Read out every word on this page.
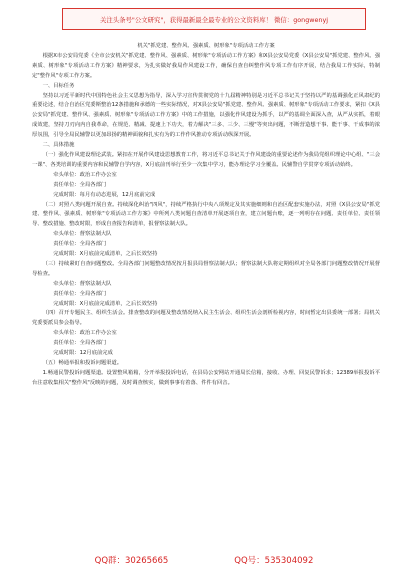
关注头条号"公文研究"，获得最新最全最专业的公文资料库！ 微信：gongwenyj

机关"抓党建、整作风、强素质、树形象"专项活动工作方案

根据X市公安局党委《全市公安机关"抓党建、整作风、强素质、树形象"专项活动工作方案》和X县公安局党委《X县公安局"抓党建、整作风、强素质、树形象"专项活动工作方案》精神要求，为扎实做好我局作风建设工作，确保自查自纠整作风专项工作有序开展，结合我局工作实际，特制定"整作风"专项工作方案。

一、目标任务

坚持以习近平新时代中国特色社会主义思想为指导，深入学习宣传贯彻党的十九届精神特别是习近平总书记关于坚持以严的基调强化正风肃纪的重要论述，结合自治区党委斯整治12条措施和承德的一些实际情况，对X县公安局"抓党建、整作风、强素质、树形象"专项活动工作要求，紧扣《X县公安局"抓党建、整作风、强素质、树形象"专项活动工作方案》中的工作措施，以强化作风建设为抓手，以严的基调全面深入查，从严从实抓，着眼成效建，坚持刀刃向内自我革命，在规范、精减、提速上下功夫，着力解决"三多、三少、三慢"等突出问题，不断营造想干事、能干事、干成事的浓厚氛围，引导全局民辅警以更加昂扬的精神面貌和扎实有为的工作作风推动专项活动纵深开展。

二、具体措施

（一）强化作风建设理论武装。紧扣在开展作风建设思想教育工作，将习近平总书记关于作风建设的重要论述作为我局党组织理论中心组、"三会一课"、各类培训的重要内容和民辅警自学内容，X月底前刊举行至少一次集中学习，能办理论学习全覆盖。民辅警自学贯穿专项活动始终。

牵头单位：政治工作办公室

责任单位：全局各部门

完成时限：每月有动态进展，12月底前完成

（二）对照八类问题开展自查。持续深化纠治"四风"，持续严格执行中央八项规定及其实施细则和自治区配套实施办法，对照《X县公安局"抓党建、整作风、强素质、树形象"专项活动工作方案》中所列八类问题自查清单开展逐项自查，建立问题台账，逐一列明存在问题、责任单位、责任领导、整改措施、整改时限，形成自查报告和清单，报督察法制大队。

牵头单位：督察法制大队

责任单位：全局各部门

完成时限：X月底前完成清单，之后长效坚持

（三）持续紧盯自查问题整改。全局各部门问题整改情况按月报县局督察法制大队；督察法制大队将定期组织对全局各部门问题整改情况开展督导检查。

牵头单位：督察法制大队

责任单位：全局各部门

完成时限：X月底前完成清单，之后长效坚持

（四）召开专题民主、组织生活会。排查整改的问题及整改情况纳入民主生活会、组织生活会剖析检视内容，时间暂定出县委统一部署；局机关党委要派员参会指导。

牵头单位：政治工作办公室

责任单位：全局各部门

完成时限：12月底前完成

（五）畅通举报和投诉问题渠道。

1.畅通民警投诉问题渠道。设置整风箱箱，分开举报投诉电话，在县局公安网站开通局长信箱，接收、办理、回复民警诉求；12389举报投诉平台注意收集相关"整作风"反映的问题，及时调查核实，做到事事有着落、件件有回音。

QQ群：30265665	QQ号：535304092
